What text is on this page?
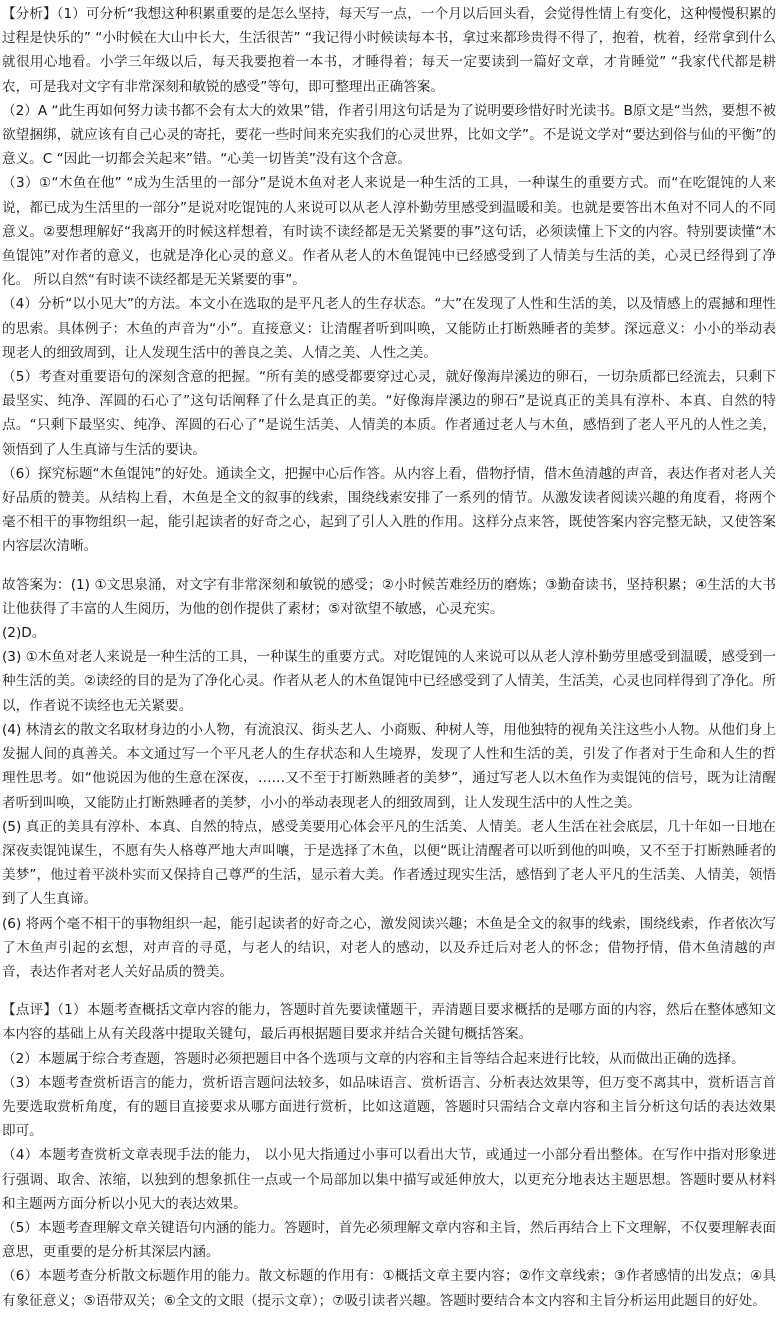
【分析】（1）可分析“我想这种积累重要的是怎么坚持，每天写一点，一个月以后回头看，会觉得性情上有变化，这种慢慢积累的过程是快乐的” “小时候在大山中长大，生活很苦” “我记得小时候读每本书，拿过来都珍贵得不得了，抱着，枕着，经常拿到什么就很用心地看。小学三年级以后，每天我要抱着一本书，才睡得着；每天一定要读到一篇好文章，才肯睡觉” “我家代代都是耕农，可是我对文字有非常深刻和敏锐的感受”等句，即可整理出正确答案。

（2）A “此生再如何努力读书都不会有太大的效果”错，作者引用这句话是为了说明要珍惜好时光读书。B原文是“当然，要想不被欲望捆绑，就应该有自己心灵的寄托，要花一些时间来充实我们的心灵世界，比如文学”。不是说文学对“要达到俗与仙的平衡”的意义。C “因此一切都会关起来”错。“心美一切皆美”没有这个含意。

（3）①“木鱼在他” “成为生活里的一部分”是说木鱼对老人来说是一种生活的工具，一种谋生的重要方式。而“在吃馄饨的人来说，都已成为生活里的一部分”是说对吃馄饨的人来说可以从老人淳朴勤劳里感受到温暖和美。也就是要答出木鱼对不同人的不同意义。②要想理解好“我离开的时候这样想着，有时读不读经都是无关紧要的事”这句话，必须读懂上下文的内容。特别要读懂“木鱼馄饨”对作者的意义，也就是净化心灵的意义。作者从老人的木鱼馄饨中已经感受到了人情美与生活的美，心灵已经得到了净化。 所以自然“有时读不读经都是无关紧要的事”。

（4）分析“以小见大”的方法。本文小在选取的是平凡老人的生存状态。“大”在发现了人性和生活的美，以及情感上的震撼和理性的思索。具体例子：木鱼的声音为“小”。直接意义：让清醒者听到叫唤，又能防止打断熟睡者的美梦。深远意义：小小的举动表现老人的细致周到，让人发现生活中的善良之美、人情之美、人性之美。

（5）考查对重要语句的深刻含意的把握。“所有美的感受都要穿过心灵，就好像海岸溪边的卵石，一切杂质都已经流去，只剩下最坚实、纯净、浑圆的石心了”这句话阐释了什么是真正的美。“好像海岸溪边的卵石”是说真正的美具有淳朴、本真、自然的特点。“只剩下最坚实、纯净、浑圆的石心了”是说生活美、人情美的本质。作者通过老人与木鱼，感悟到了老人平凡的人性之美，领悟到了人生真谛与生活的要诀。

（6）探究标题“木鱼馄饨”的好处。通读全文，把握中心后作答。从内容上看，借物抒情，借木鱼清越的声音，表达作者对老人关好品质的赞美。从结构上看，木鱼是全文的叙事的线索，围绕线索安排了一系列的情节。从激发读者阅读兴趣的角度看，将两个毫不相干的事物组织一起，能引起读者的好奇之心，起到了引人入胜的作用。这样分点来答，既使答案内容完整无缺，又使答案内容层次清晰。

故答案为：(1) ①文思泉涌，对文字有非常深刻和敏锐的感受；②小时候苦难经历的磨炼；③勤奋读书，坚持积累；④生活的大书让他获得了丰富的人生阅历，为他的创作提供了素材；⑤对欲望不敏感，心灵充实。

(2)D。

(3) ①木鱼对老人来说是一种生活的工具，一种谋生的重要方式。对吃馄饨的人来说可以从老人淳朴勤劳里感受到温暖，感受到一种生活的美。②读经的目的是为了净化心灵。作者从老人的木鱼馄饨中已经感受到了人情美，生活美，心灵也同样得到了净化。所以，作者说不读经也无关紧要。

(4) 林清玄的散文名取材身边的小人物，有流浪汉、街头艺人、小商贩、种树人等，用他独特的视角关注这些小人物。从他们身上发掘人间的真善关。本文通过写一个平凡老人的生存状态和人生境界，发现了人性和生活的美，引发了作者对于生命和人生的哲理性思考。如“他说因为他的生意在深夜，……又不至于打断熟睡者的美梦”，通过写老人以木鱼作为卖馄饨的信号，既为让清醒者听到叫唤，又能防止打断熟睡者的美梦，小小的举动表现老人的细致周到，让人发现生活中的人性之美。

(5) 真正的美具有淳朴、本真、自然的特点，感受美要用心体会平凡的生活美、人情美。老人生活在社会底层，几十年如一日地在深夜卖馄饨谋生，不愿有失人格尊严地大声叫嚷，于是选择了木鱼，以便“既让清醒者可以听到他的叫唤，又不至于打断熟睡者的美梦”，他过着平淡朴实而又保持自己尊严的生活，显示着大美。作者透过现实生活，感悟到了老人平凡的生活美、人情美，领悟到了人生真谛。

(6) 将两个毫不相干的事物组织一起，能引起读者的好奇之心，激发阅读兴趣；木鱼是全文的叙事的线索，围绕线索，作者依次写了木鱼声引起的玄想，对声音的寻觅，与老人的结识，对老人的感动，以及乔迁后对老人的怀念；借物抒情，借木鱼清越的声音，表达作者对老人关好品质的赞美。

【点评】（1）本题考查概括文章内容的能力，答题时首先要读懂题干，弄清题目要求概括的是哪方面的内容，然后在整体感知文本内容的基础上从有关段落中提取关键句，最后再根据题目要求并结合关键句概括答案。

（2）本题属于综合考查题，答题时必须把题目中各个选项与文章的内容和主旨等结合起来进行比较，从而做出正确的选择。

（3）本题考查赏析语言的能力，赏析语言题问法较多，如品味语言、赏析语言、分析表达效果等，但万变不离其中，赏析语言首先要选取赏析角度，有的题目直接要求从哪方面进行赏析，比如这道题，答题时只需结合文章内容和主旨分析这句话的表达效果即可。

（4）本题考查赏析文章表现手法的能力， 以小见大指通过小事可以看出大节，或通过一小部分看出整体。在写作中指对形象进行强调、取舍、浓缩，以独到的想象抓住一点或一个局部加以集中描写或延伸放大，以更充分地表达主题思想。答题时要从材料和主题两方面分析以小见大的表达效果。

（5）本题考查理解文章关键语句内涵的能力。答题时，首先必须理解文章内容和主旨，然后再结合上下文理解，不仅要理解表面意思，更重要的是分析其深层内涵。

（6）本题考查分析散文标题作用的能力。散文标题的作用有：①概括文章主要内容；②作文章线索；③作者感情的出发点；④具有象征意义；⑤语带双关；⑥全文的文眼（提示文章）；⑦吸引读者兴趣。答题时要结合本文内容和主旨分析运用此题目的好处。
